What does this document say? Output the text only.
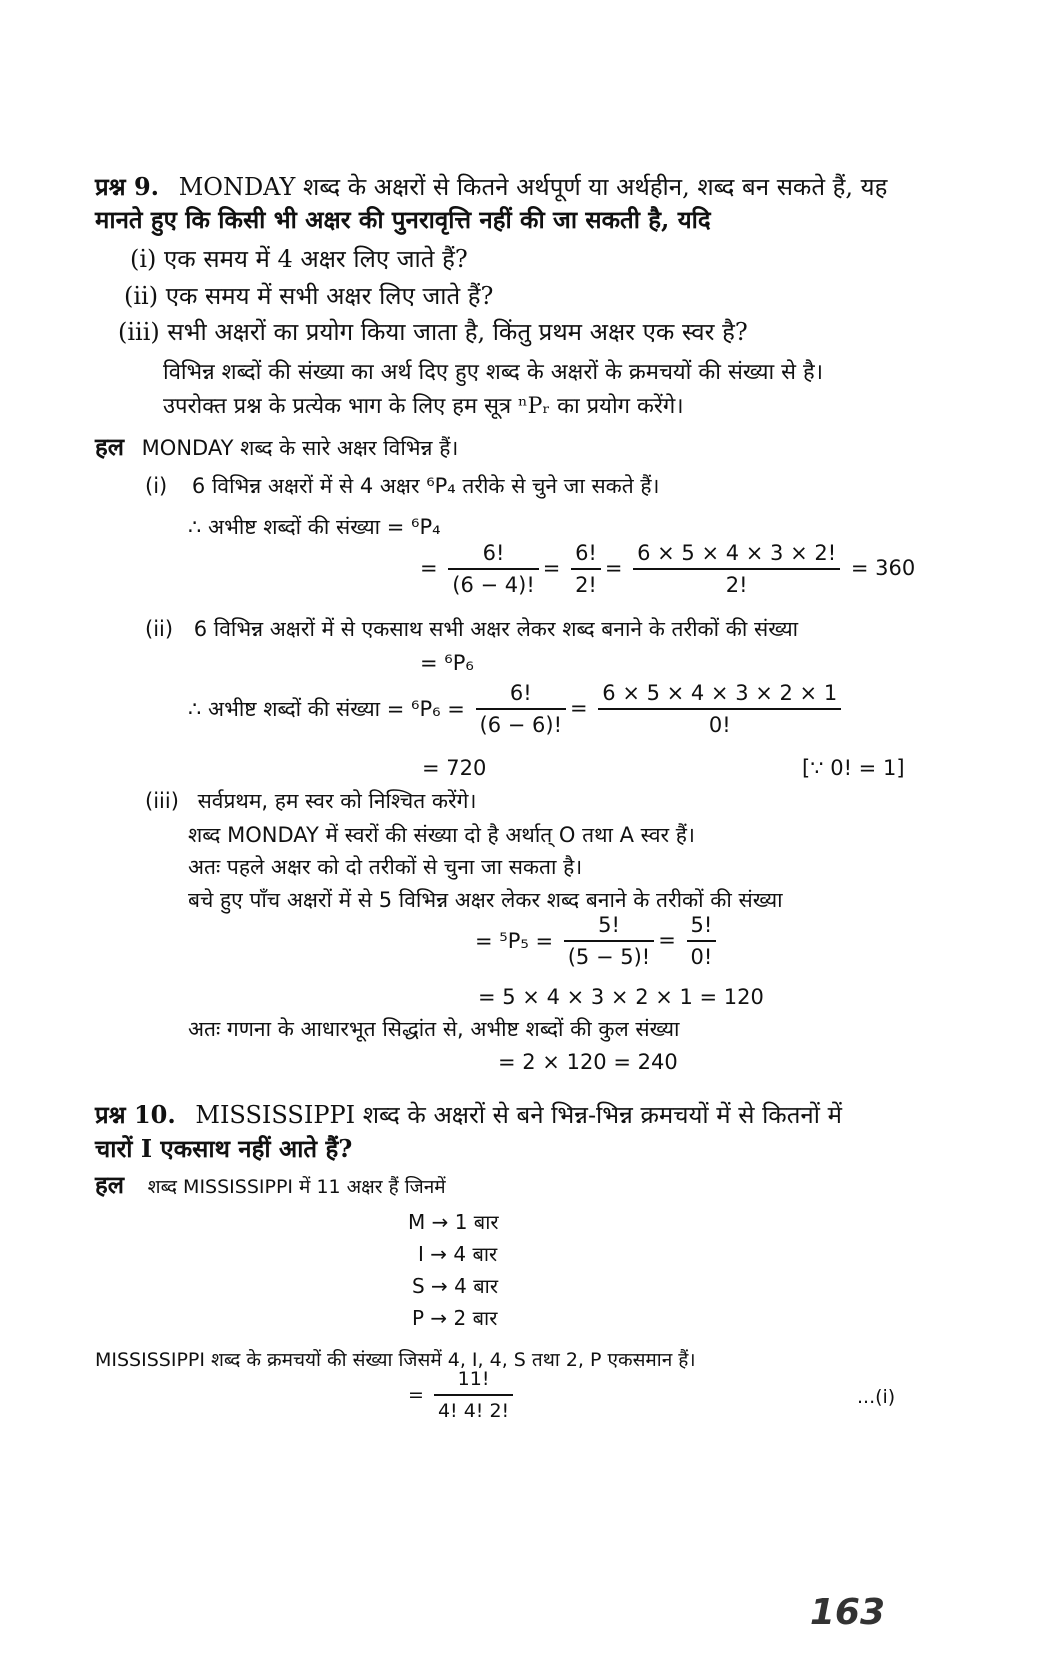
प्रश्न 9. MONDAY शब्द के अक्षरों से कितने अर्थपूर्ण या अर्थहीन, शब्द बन सकते हैं, यह
मानते हुए कि किसी भी अक्षर की पुनरावृत्ति नहीं की जा सकती है, यदि
(i) एक समय में 4 अक्षर लिए जाते हैं?
(ii) एक समय में सभी अक्षर लिए जाते हैं?
(iii) सभी अक्षरों का प्रयोग किया जाता है, किंतु प्रथम अक्षर एक स्वर है?
विभिन्न शब्दों की संख्या का अर्थ दिए हुए शब्द के अक्षरों के क्रमचयों की संख्या से है।
उपरोक्त प्रश्न के प्रत्येक भाग के लिए हम सूत्र ⁿPᵣ का प्रयोग करेंगे।
हल MONDAY शब्द के सारे अक्षर विभिन्न हैं।
(i) 6 विभिन्न अक्षरों में से 4 अक्षर ⁶P₄ तरीके से चुने जा सकते हैं।
∴ अभीष्ट शब्दों की संख्या = ⁶P₄
= $\frac{6!}{(6 - 4)!} = \frac{6!}{2!} = \frac{6 \times 5 \times 4 \times 3 \times 2!}{2!} = 360$
(ii) 6 विभिन्न अक्षरों में से एकसाथ सभी अक्षर लेकर शब्द बनाने के तरीकों की संख्या
= ⁶P₆
∴ अभीष्ट शब्दों की संख्या = $^6P_6 = \frac{6!}{(6 - 6)!} = \frac{6 \times 5 \times 4 \times 3 \times 2 \times 1}{0!}$
= 720	[∵ 0! = 1]
(iii) सर्वप्रथम, हम स्वर को निश्चित करेंगे।
शब्द MONDAY में स्वरों की संख्या दो है अर्थात् O तथा A स्वर हैं।
अतः पहले अक्षर को दो तरीकों से चुना जा सकता है।
बचे हुए पाँच अक्षरों में से 5 विभिन्न अक्षर लेकर शब्द बनाने के तरीकों की संख्या
= $^5P_5 = \frac{5!}{(5 - 5)!} = \frac{5!}{0!}$
= 5 × 4 × 3 × 2 × 1 = 120
अतः गणना के आधारभूत सिद्धांत से, अभीष्ट शब्दों की कुल संख्या
= 2 × 120 = 240
प्रश्न 10. MISSISSIPPI शब्द के अक्षरों से बने भिन्न-भिन्न क्रमचयों में से कितनों में
चारों I एकसाथ नहीं आते हैं?
हल शब्द MISSISSIPPI में 11 अक्षर हैं जिनमें
M → 1 बार
I → 4 बार
S → 4 बार
P → 2 बार
MISSISSIPPI शब्द के क्रमचयों की संख्या जिसमें 4, I, 4, S तथा 2, P एकसमान हैं।
= $\frac{11!}{4! 4! 2!}$	...(i)
163
